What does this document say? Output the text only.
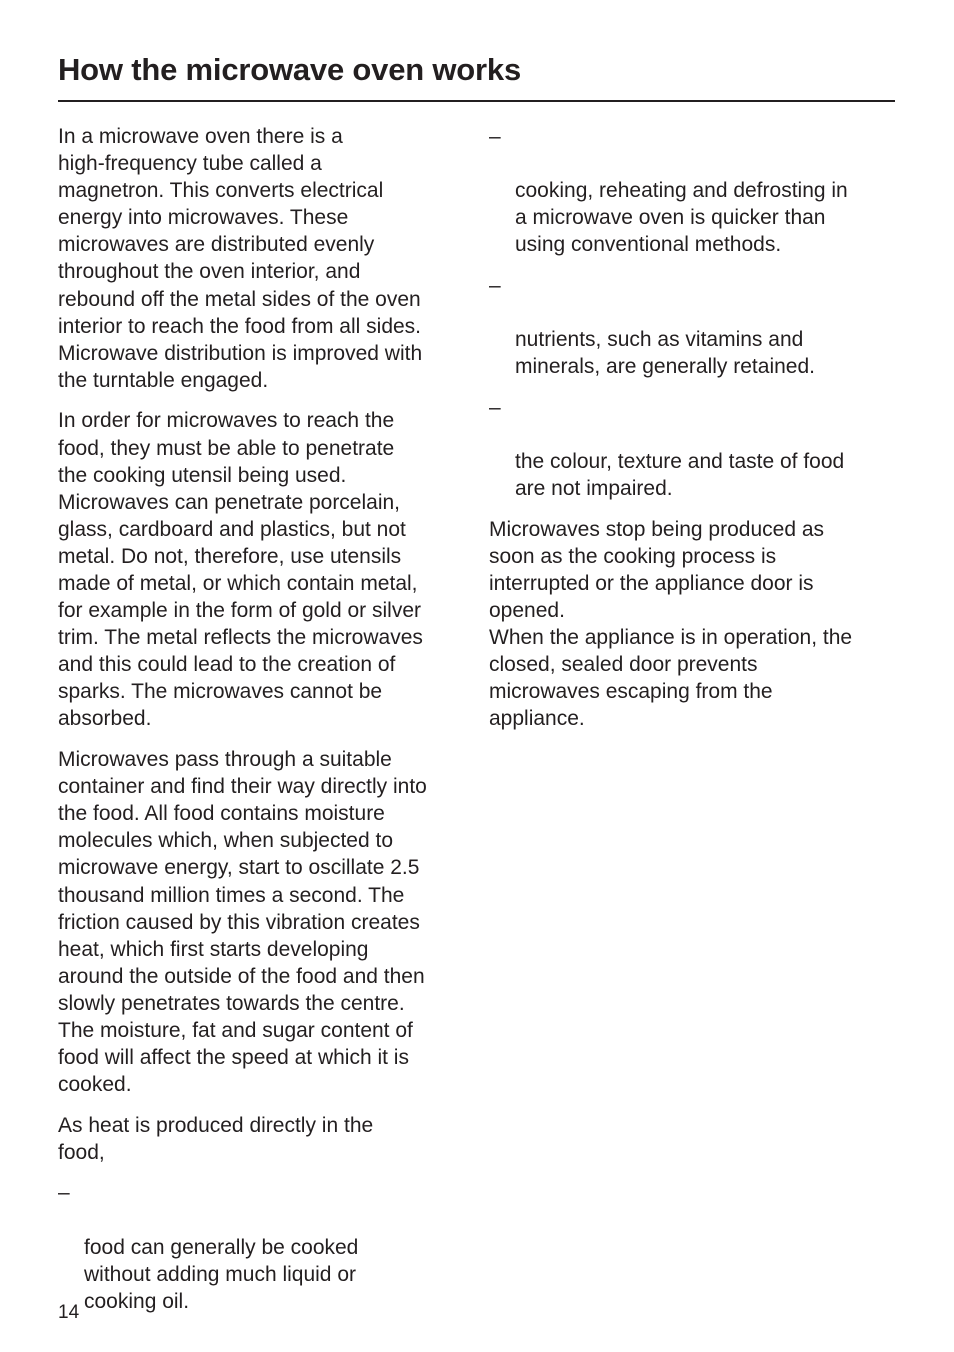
How the microwave oven works

In a microwave oven there is a
high-frequency tube called a
magnetron. This converts electrical
energy into microwaves. These
microwaves are distributed evenly
throughout the oven interior, and
rebound off the metal sides of the oven
interior to reach the food from all sides.
Microwave distribution is improved with
the turntable engaged.

In order for microwaves to reach the
food, they must be able to penetrate
the cooking utensil being used.
Microwaves can penetrate porcelain,
glass, cardboard and plastics, but not
metal. Do not, therefore, use utensils
made of metal, or which contain metal,
for example in the form of gold or silver
trim. The metal reflects the microwaves
and this could lead to the creation of
sparks. The microwaves cannot be
absorbed.

Microwaves pass through a suitable
container and find their way directly into
the food. All food contains moisture
molecules which, when subjected to
microwave energy, start to oscillate 2.5
thousand million times a second. The
friction caused by this vibration creates
heat, which first starts developing
around the outside of the food and then
slowly penetrates towards the centre.
The moisture, fat and sugar content of
food will affect the speed at which it is
cooked.

As heat is produced directly in the
food,

–

food can generally be cooked
without adding much liquid or
cooking oil.

–

cooking, reheating and defrosting in
a microwave oven is quicker than
using conventional methods.

–

nutrients, such as vitamins and
minerals, are generally retained.

–

the colour, texture and taste of food
are not impaired.

Microwaves stop being produced as
soon as the cooking process is
interrupted or the appliance door is
opened.
When the appliance is in operation, the
closed, sealed door prevents
microwaves escaping from the
appliance.

14
